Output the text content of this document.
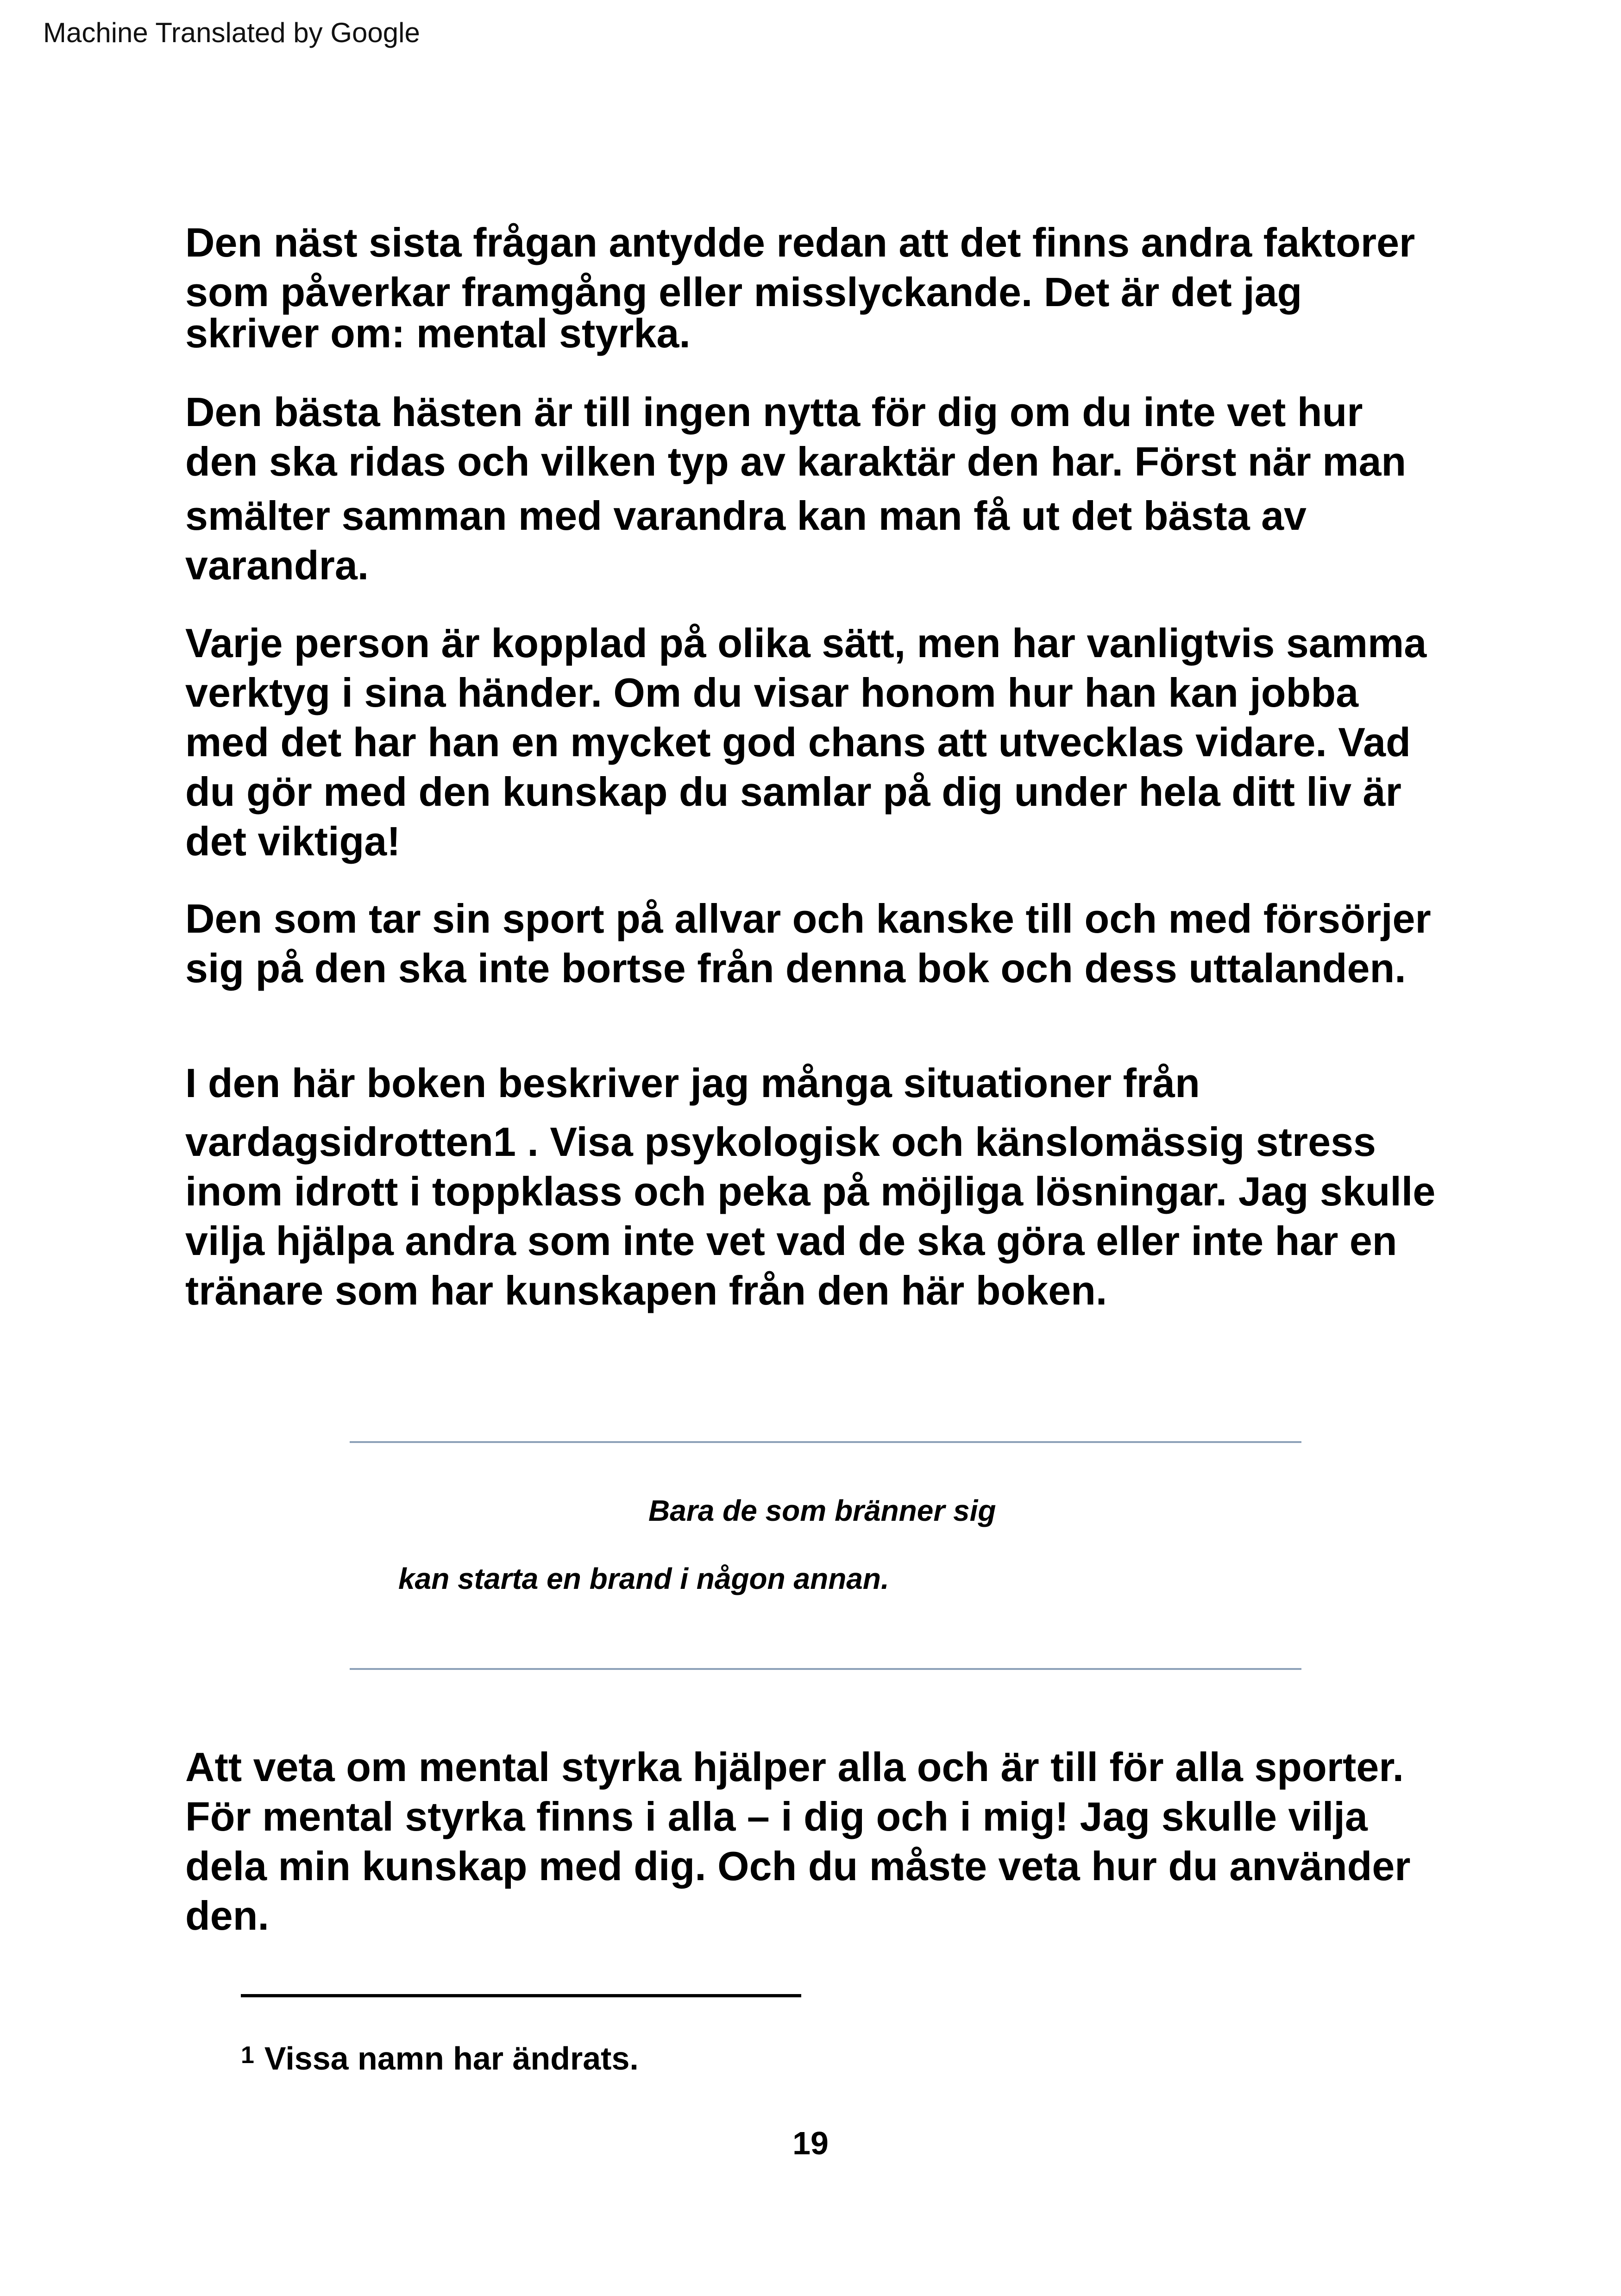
Machine Translated by Google

Den näst sista frågan antydde redan att det finns andra faktorer
som påverkar framgång eller misslyckande. Det är det jag
skriver om: mental styrka.

Den bästa hästen är till ingen nytta för dig om du inte vet hur
den ska ridas och vilken typ av karaktär den har. Först när man
smälter samman med varandra kan man få ut det bästa av
varandra.

Varje person är kopplad på olika sätt, men har vanligtvis samma
verktyg i sina händer. Om du visar honom hur han kan jobba
med det har han en mycket god chans att utvecklas vidare. Vad
du gör med den kunskap du samlar på dig under hela ditt liv är
det viktiga!

Den som tar sin sport på allvar och kanske till och med försörjer
sig på den ska inte bortse från denna bok och dess uttalanden.

I den här boken beskriver jag många situationer från
vardagsidrotten1 . Visa psykologisk och känslomässig stress
inom idrott i toppklass och peka på möjliga lösningar. Jag skulle
vilja hjälpa andra som inte vet vad de ska göra eller inte har en
tränare som har kunskapen från den här boken.

Bara de som bränner sig

kan starta en brand i någon annan.

Att veta om mental styrka hjälper alla och är till för alla sporter.
För mental styrka finns i alla – i dig och i mig! Jag skulle vilja
dela min kunskap med dig. Och du måste veta hur du använder
den.

$^1$ Vissa namn har ändrats.

19
